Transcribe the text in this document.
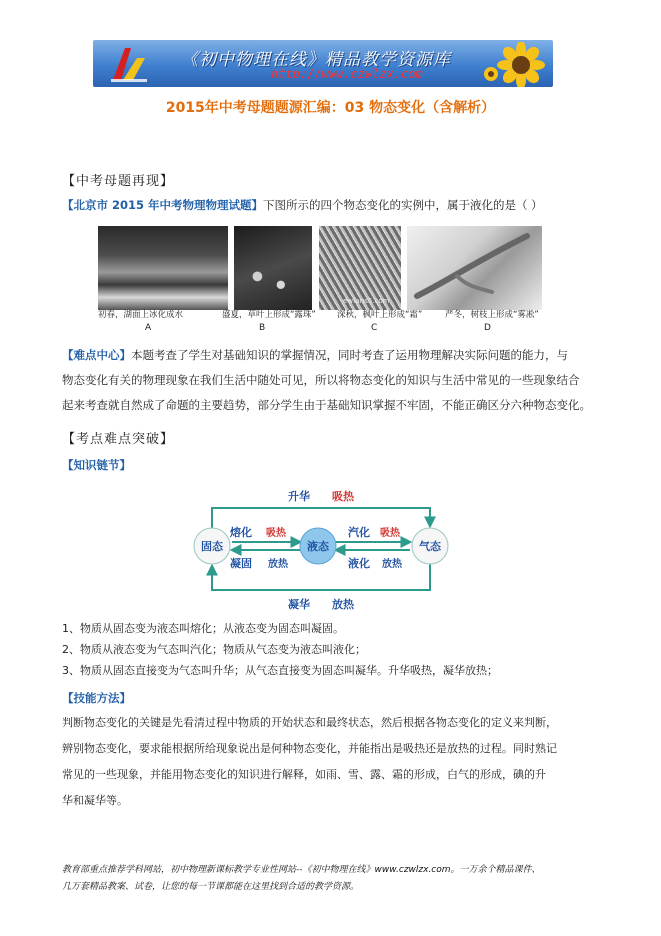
《初中物理在线》精品教学资源库
http://www.czwlzx.com
2015年中考母题题源汇编：03 物态变化（含解析）
【中考母题再现】
【北京市 2015 年中考物理物理试题】下图所示的四个物态变化的实例中，属于液化的是（ ）
ewfans5.com
初春，湖面上冰化成水	盛夏，草叶上形成“露珠” 深秋，枫叶上形成“霜”	严冬，树枝上形成“雾凇”
A	B	C	D
【难点中心】本题考查了学生对基础知识的掌握情况，同时考查了运用物理解决实际问题的能力，与
物态变化有关的物理现象在我们生活中随处可见，所以将物态变化的知识与生活中常见的一些现象结合
起来考查就自然成了命题的主要趋势，部分学生由于基础知识掌握不牢固，不能正确区分六种物态变化。
【考点难点突破】
【知识链节】
固态	液态	气态
升华 吸热
熔化 吸热
凝固 放热
汽化 吸热
液化 放热
凝华 放热
1、物质从固态变为液态叫熔化；从液态变为固态叫凝固。
2、物质从液态变为气态叫汽化；物质从气态变为液态叫液化；
3、物质从固态直接变为气态叫升华；从气态直接变为固态叫凝华。升华吸热，凝华放热；
【技能方法】
判断物态变化的关键是先看清过程中物质的开始状态和最终状态，然后根据各物态变化的定义来判断，
辨别物态变化，要求能根据所给现象说出是何种物态变化，并能指出是吸热还是放热的过程。同时熟记
常见的一些现象，并能用物态变化的知识进行解释，如雨、雪、露、霜的形成，白气的形成，碘的升
华和凝华等。
教育部重点推荐学科网站，初中物理新课标教学专业性网站--《初中物理在线》www.czwlzx.com。一万余个精品课件、
几万套精品教案、试卷，让您的每一节课都能在这里找到合适的教学资源。
